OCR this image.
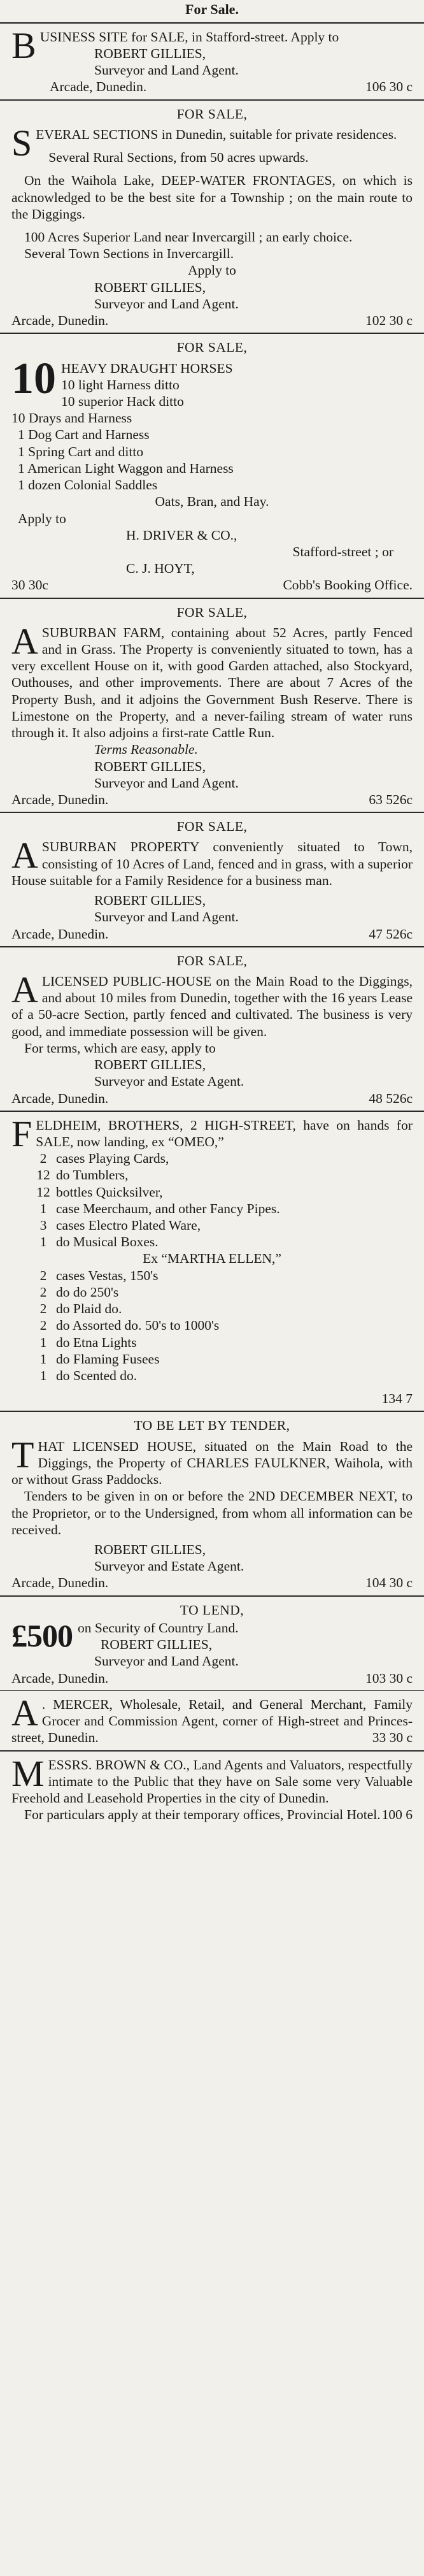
For Sale.
B USINESS SITE for SALE, in Stafford-street. Apply to

ROBERT GILLIES,
Surveyor and Land Agent.
Arcade, Dunedin.	106 30 c
FOR SALE,
S EVERAL SECTIONS in Dunedin, suitable for private residences.

Several Rural Sections, from 50 acres upwards.

On the Waihola Lake, DEEP-WATER FRONTAGES, on which is acknowledged to be the best site for a Township ; on the main route to the Diggings.

100 Acres Superior Land near Invercargill ; an early choice.

Several Town Sections in Invercargill.

Apply to
ROBERT GILLIES,
Surveyor and Land Agent.
Arcade, Dunedin.	102 30 c
FOR SALE,
10 HEAVY DRAUGHT HORSES
10 light Harness ditto
10 superior Hack ditto
10 Drays and Harness
1 Dog Cart and Harness
1 Spring Cart and ditto
1 American Light Waggon and Harness
1 dozen Colonial Saddles
Oats, Bran, and Hay.
Apply to
H. DRIVER & CO.,
Stafford-street ; or
C. J. HOYT,
30 30c	Cobb's Booking Office.
FOR SALE,
A SUBURBAN FARM, containing about 52 Acres, partly Fenced and in Grass. The Property is conveniently situated to town, has a very excellent House on it, with good Garden attached, also Stockyard, Outhouses, and other improvements. There are about 7 Acres of the Property Bush, and it adjoins the Government Bush Reserve. There is Limestone on the Property, and a never-failing stream of water runs through it. It also adjoins a first-rate Cattle Run.

Terms Reasonable.
ROBERT GILLIES,
Surveyor and Land Agent.
Arcade, Dunedin.	63 526c
FOR SALE,
A SUBURBAN PROPERTY conveniently situated to Town, consisting of 10 Acres of Land, fenced and in grass, with a superior House suitable for a Family Residence for a business man.

ROBERT GILLIES,
Surveyor and Land Agent.
Arcade, Dunedin.	47 526c
FOR SALE,
A LICENSED PUBLIC-HOUSE on the Main Road to the Diggings, and about 10 miles from Dunedin, together with the 16 years Lease of a 50-acre Section, partly fenced and cultivated. The business is very good, and immediate possession will be given.

For terms, which are easy, apply to

ROBERT GILLIES,
Surveyor and Estate Agent.
Arcade, Dunedin.	48 526c
F ELDHEIM, BROTHERS, 2 HIGH-STREET, have on hands for SALE, now landing, ex “OMEO,”

2 cases Playing Cards,
12 do Tumblers,
12 bottles Quicksilver,
1 case Meerchaum, and other Fancy Pipes.
3 cases Electro Plated Ware,
1 do Musical Boxes.
Ex “MARTHA ELLEN,”
2 cases Vestas, 150's
2 do do 250's
2 do Plaid do.
2 do Assorted do. 50's to 1000's
1 do Etna Lights
1 do Flaming Fusees
1 do Scented do.
134 7
TO BE LET BY TENDER,
T HAT LICENSED HOUSE, situated on the Main Road to the Diggings, the Property of CHARLES FAULKNER, Waihola, with or without Grass Paddocks.

Tenders to be given in on or before the 2ND DECEMBER NEXT, to the Proprietor, or to the Undersigned, from whom all information can be received.

ROBERT GILLIES,
Surveyor and Estate Agent.
Arcade, Dunedin.	104 30 c
TO LEND,
£500 on Security of Country Land.
ROBERT GILLIES,
Surveyor and Land Agent.
Arcade, Dunedin.	103 30 c
A . MERCER, Wholesale, Retail, and General Merchant, Family Grocer and Commission Agent, corner of High-street and Princes-street, Dunedin.	33 30 c
M ESSRS. BROWN & CO., Land Agents and Valuators, respectfully intimate to the Public that they have on Sale some very Valuable Freehold and Leasehold Properties in the city of Dunedin.

For particulars apply at their temporary offices, Provincial Hotel. 100 6
